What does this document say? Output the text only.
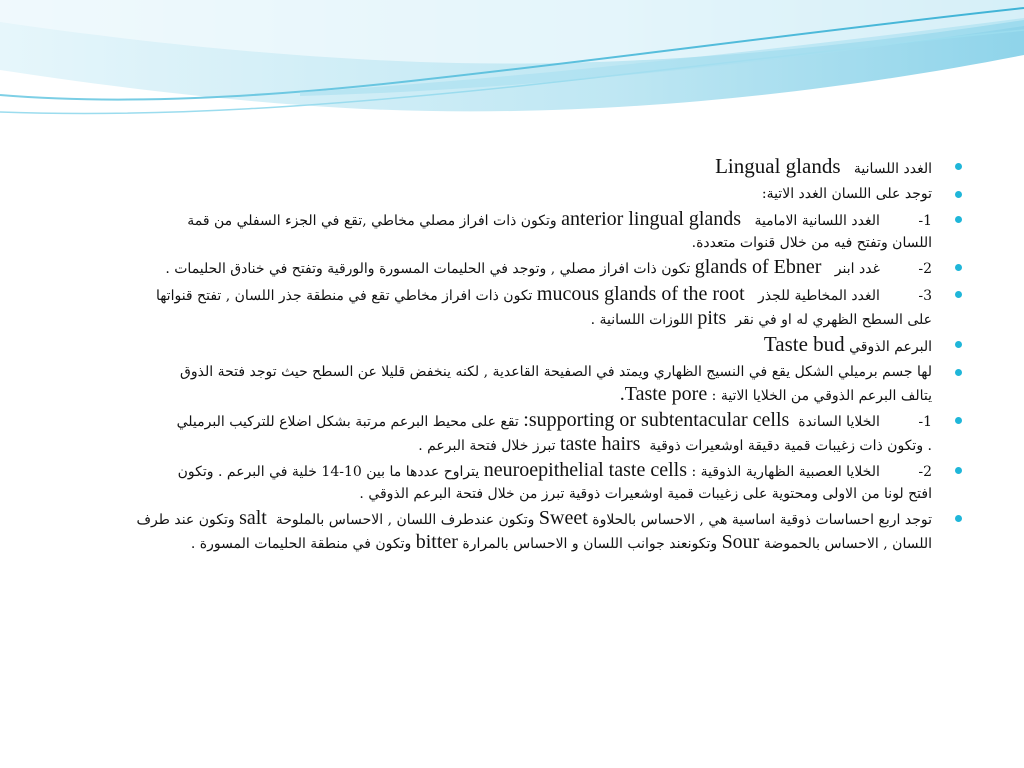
الغدد اللسانية   Lingual glands
توجد على اللسان الغدد الاتية:
1- الغدد اللسانية الامامية   anterior lingual glands وتكون ذات افراز مصلي مخاطي ,تقع في الجزء السفلي من قمة
اللسان وتفتح فيه من خلال قنوات متعددة.
2- غدد ابنر   glands of Ebner تكون ذات افراز مصلي , وتوجد في الحليمات المسورة والورقية وتفتح في خنادق الحليمات .
3- الغدد المخاطية للجذر   mucous glands of the root تكون ذات افراز مخاطي تقع في منطقة جذر اللسان , تفتح قنواتها
على السطح الظهري له او في نقر  pits اللوزات اللسانية .
البرعم الذوقي Taste bud
لها جسم برميلي الشكل يقع في النسيج الظهاري ويمتد في الصفيحة القاعدية , لكنه ينخفض قليلا عن السطح حيث توجد فتحة الذوق
يتالف البرعم الذوقي من الخلايا الاتية : Taste pore.
1- الخلايا الساندة  supporting or subtentacular cells: تقع على محيط البرعم مرتبة بشكل اضلاع للتركيب البرميلي
. وتكون ذات زغيبات قمية دقيقة اوشعيرات ذوقية  taste hairs تبرز خلال فتحة البرعم .
2- الخلايا العصبية الظهارية الذوقية : neuroepithelial taste cells يتراوح عددها ما بين 10-14 خلية في البرعم . وتكون
افتح لونا من الاولى ومحتوية على زغيبات قمية اوشعيرات ذوقية تبرز من خلال فتحة البرعم الذوقي .
توجد اربع احساسات ذوقية اساسية هي , الاحساس بالحلاوة Sweet وتكون عندطرف اللسان , الاحساس بالملوحة  salt وتكون عند طرف
اللسان , الاحساس بالحموضة Sour وتكونعند جوانب اللسان و الاحساس بالمرارة bitter وتكون في منطقة الحليمات المسورة .
